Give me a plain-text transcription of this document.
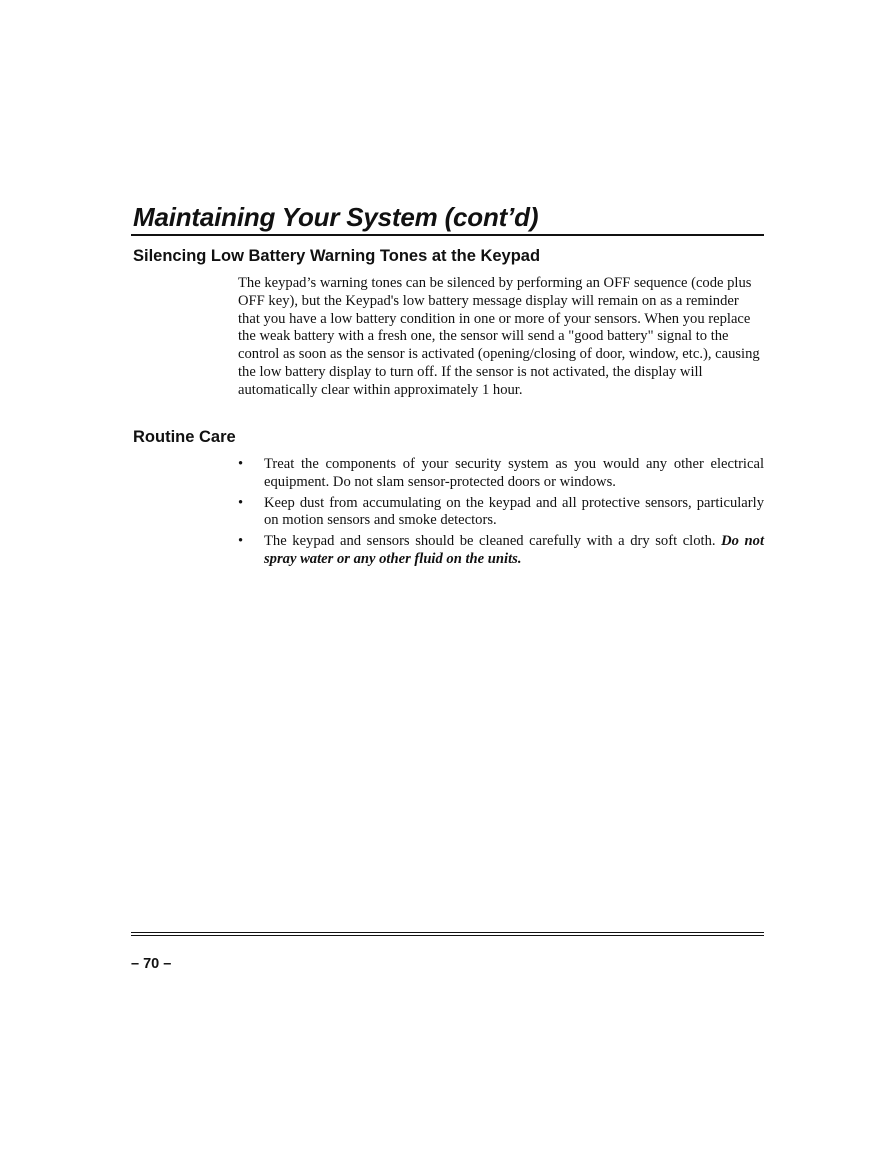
Maintaining Your System (cont’d)
Silencing Low Battery Warning Tones at the Keypad

The keypad’s warning tones can be silenced by performing an OFF sequence (code plus OFF key), but the Keypad's low battery message display will remain on as a reminder that you have a low battery condition in one or more of your sensors. When you replace the weak battery with a fresh one, the sensor will send a "good battery" signal to the control as soon as the sensor is activated (opening/closing of door, window, etc.), causing the low battery display to turn off. If the sensor is not activated, the display will automatically clear within approximately 1 hour.

Routine Care
•	Treat the components of your security system as you would any other electrical equipment. Do not slam sensor-protected doors or windows.
•	Keep dust from accumulating on the keypad and all protective sensors, particularly on motion sensors and smoke detectors.
•	The keypad and sensors should be cleaned carefully with a dry soft cloth. Do not spray water or any other fluid on the units.

– 70 –
